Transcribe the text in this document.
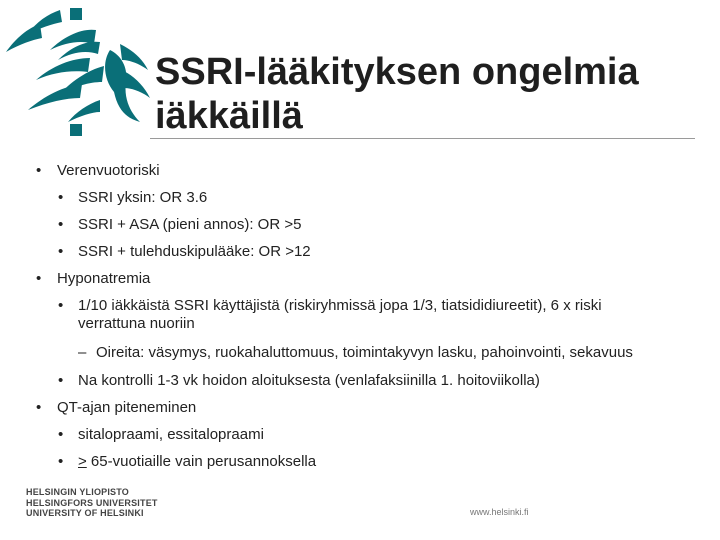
SSRI-lääkityksen ongelmia
iäkkäillä
•	Verenvuotoriski
• SSRI yksin: OR 3.6
• SSRI + ASA (pieni annos): OR >5
• SSRI + tulehduskipulääke: OR >12
•	Hyponatremia
• 1/10 iäkkäistä SSRI käyttäjistä (riskiryhmissä jopa 1/3, tiatsididiureetit), 6 x riski
verrattuna nuoriin
– Oireita: väsymys, ruokahaluttomuus, toimintakyvyn lasku, pahoinvointi, sekavuus
• Na kontrolli 1-3 vk hoidon aloituksesta (venlafaksiinilla 1. hoitoviikolla)
•	QT-ajan piteneminen
• sitalopraami, essitalopraami
• ≥ 65-vuotiaille vain perusannoksella
HELSINGIN YLIOPISTO
HELSINGFORS UNIVERSITET
UNIVERSITY OF HELSINKI	www.helsinki.fi
